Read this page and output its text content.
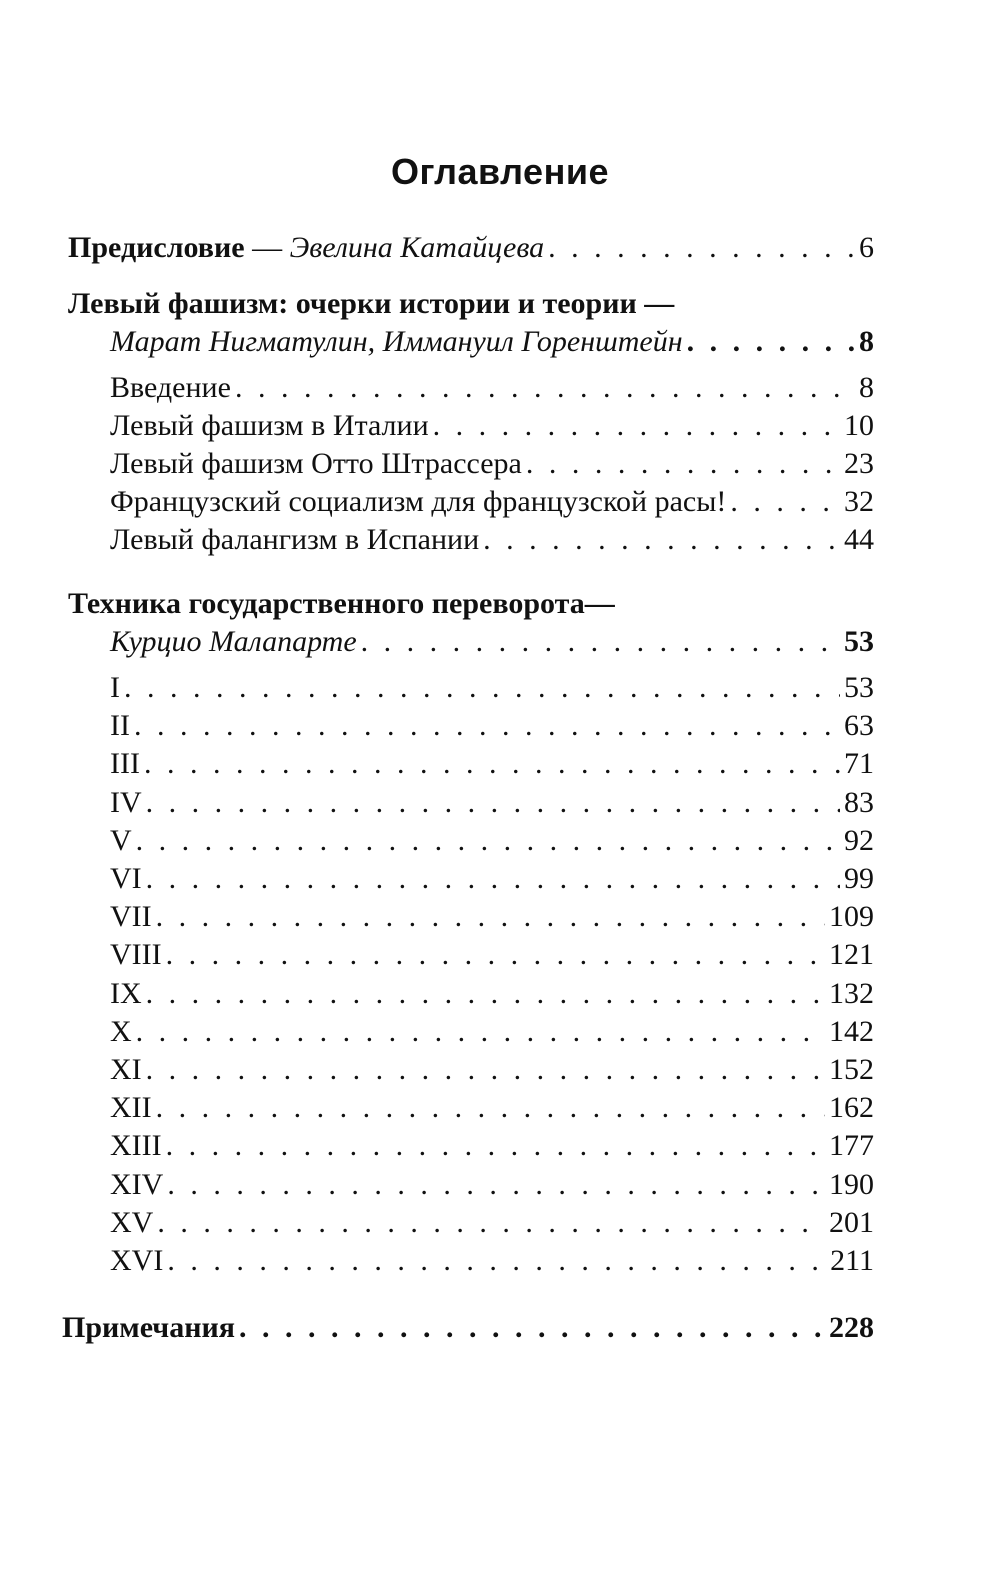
Оглавление
Предисловие — Эвелина Катайцева . . .	6
Левый фашизм: очерки истории и теории —
Марат Нигматулин, Иммануил Горенштейн . . .	8
Введение . . .	8
Левый фашизм в Италии . . .	10
Левый фашизм Отто Штрассера . . .	23
Французский социализм для французской расы! . . .	32
Левый фалангизм в Испании . . .	44
Техника государственного переворота—
Курцио Малапарте . . .	53
I . . .	53
II . . .	63
III . . .	71
IV . . .	83
V . . .	92
VI . . .	99
VII . . .	109
VIII . . .	121
IX . . .	132
X . . .	142
XI . . .	152
XII . . .	162
XIII . . .	177
XIV . . .	190
XV . . .	201
XVI . . .	211
Примечания . . .	228
